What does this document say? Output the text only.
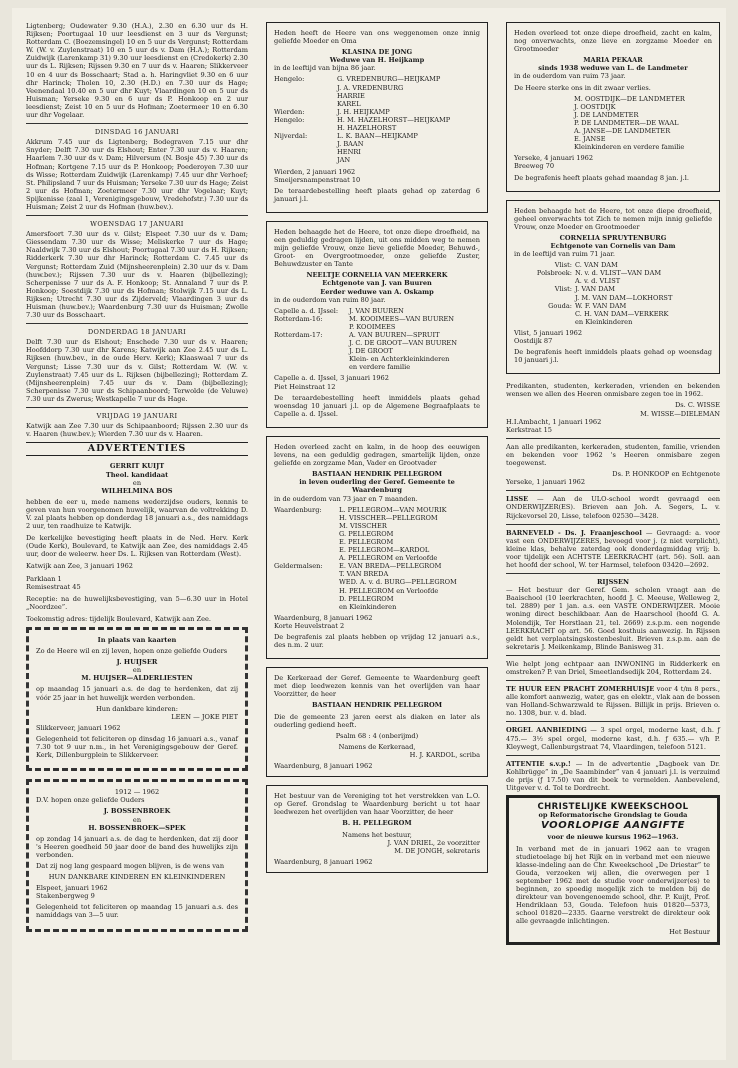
Ligtenberg; Oudewater 9.30 (H.A.), 2.30 en 6.30 uur ds H. Rijksen; Poortugaal 10 uur leesdienst en 3 uur ds Vergunst; Rotterdam C. (Boezemsingel) 10 en 5 uur ds Vergunst; Rotterdam W. (W. v. Zuylenstraat) 10 en 5 uur ds v. Dam (H.A.); Rotterdam Zuidwijk (Larenkamp 31) 9.30 uur leesdienst en (Credokerk) 2.30 uur ds L. Rijksen; Rijssen 9.30 en 7 uur ds v. Haaren; Slikkerveer 10 en 4 uur ds Bosschaart; Stad a. h. Haringvliet 9.30 en 6 uur dhr Harinck; Tholen 10, 2.30 (H.D.) en 7.30 uur ds Hage; Veenendaal 10.40 en 5 uur dhr Kuyt; Vlaardingen 10 en 5 uur ds Huisman; Yerseke 9.30 en 6 uur ds P. Honkoop en 2 uur leesdienst; Zeist 10 en 5 uur ds Hofman; Zoetermeer 10 en 6.30 uur dhr Vogelaar.

DINSDAG 16 JANUARI

Akkrum 7.45 uur ds Ligtenberg; Bodegraven 7.15 uur dhr Snyder; Delft 7.30 uur ds Elshout; Enter 7.30 uur ds v. Haaren; Haarlem 7.30 uur ds v. Dam; Hilversum (N. Bosje 45) 7.30 uur ds Hofman; Kortgene 7.15 uur ds P. Honkoop; Poederoyen 7.30 uur ds Wisse; Rotterdam Zuidwijk (Larenkamp) 7.45 uur dhr Verhoef; St. Philipsland 7 uur ds Huisman; Yerseke 7.30 uur ds Hage; Zeist 2 uur ds Hofman; Zoetermeer 7.30 uur dhr Vogelaar; Kuyt; Spijkenisse (zaal 1, Verenigingsgebouw, Vredehofstr.) 7.30 uur ds Huisman; Zeist 2 uur ds Hofman (huw.bev.).

WOENSDAG 17 JANUARI

Amersfoort 7.30 uur ds v. Gilst; Elspeet 7.30 uur ds v. Dam; Giessendam 7.30 uur ds Wisse; Meliskerke 7 uur ds Hage; Naaldwijk 7.30 uur ds Elshout; Poortugaal 7.30 uur ds H. Rijksen; Ridderkerk 7.30 uur dhr Harinck; Rotterdam C. 7.45 uur ds Vergunst; Rotterdam Zuid (Mijnsheerenplein) 2.30 uur ds v. Dam (huw.bev.); Rijssen 7.30 uur ds v. Haaren (bijbellezing); Scherpenisse 7 uur ds A. F. Honkoop; St. Annaland 7 uur ds P. Honkoop; Soestdijk 7.30 uur ds Hofman; Stolwijk 7.15 uur ds L. Rijksen; Utrecht 7.30 uur ds Zijderveld; Vlaardingen 3 uur ds Huisman (huw.bev.); Waardenburg 7.30 uur ds Huisman; Zwolle 7.30 uur ds Bosschaart.

DONDERDAG 18 JANUARI

Delft 7.30 uur ds Elshout; Enschede 7.30 uur ds v. Haaren; Hoofddorp 7.30 uur dhr Karens; Katwijk aan Zee 2.45 uur ds L. Rijksen (huw.bev., in de oude Herv. Kerk); Klaaswaal 7 uur ds Vergunst; Lisse 7.30 uur ds v. Gilst; Rotterdam W. (W. v. Zuylenstraat) 7.45 uur ds L. Rijksen (bijbellezing); Rotterdam Z. (Mijnsheerenplein) 7.45 uur ds v. Dam (bijbellezing); Scherpenisse 7.30 uur ds Schipaanboord; Terwolde (de Veluwe) 7.30 uur ds Zwerus; Westkapelle 7 uur ds Hage.

VRIJDAG 19 JANUARI

Katwijk aan Zee 7.30 uur ds Schipaanboord; Rijssen 2.30 uur ds v. Haaren (huw.bev.); Wierden 7.30 uur ds v. Haaren.

ADVERTENTIES
GERRIT KUIJT
Theol. kandidaat
en
WILHELMINA BOS

hebben de eer u, mede namens wederzijdse ouders, kennis te geven van hun voorgenomen huwelijk, waarvan de voltrekking D. V. zal plaats hebben op donderdag 18 januari a.s., des namiddags 2 uur, ten raadhuize te Katwijk.

De kerkelijke bevestiging heeft plaats in de Ned. Herv. Kerk (Oude Kerk), Boulevard, te Katwijk aan Zee, des namiddags 2.45 uur, door de weleerw. heer Ds. L. Rijksen van Rotterdam (West).

Katwijk aan Zee, 3 januari 1962

Parklaan 1

Remisestraat 45

Receptie: na de huwelijksbevestiging, van 5—6.30 uur in Hotel „Noordzee”.

Toekomstig adres: tijdelijk Boulevard, Katwijk aan Zee.

In plaats van kaarten

Zo de Heere wil en zij leven, hopen onze geliefde Ouders

J. HUIJSER
en
M. HUIJSER—ALDERLIESTEN

op maandag 15 januari a.s. de dag te herdenken, dat zij vóór 25 jaar in het huwelijk werden verbonden.

Hun dankbare kinderen:
LEEN — JOKE PIET

Slikkerveer, januari 1962

Gelegenheid tot feliciteren op dinsdag 16 januari a.s., vanaf 7.30 tot 9 uur n.m., in het Verenigingsgebouw der Geref. Kerk, Dillenburgplein te Slikkerveer.

1912 — 1962

D.V. hopen onze geliefde Ouders

J. BOSSENBROEK
en
H. BOSSENBROEK—SPEK

op zondag 14 januari a.s. de dag te herdenken, dat zij door 's Heeren goedheid 50 jaar door de band des huwelijks zijn verbonden.

Dat zij nog lang gespaard mogen blijven, is de wens van

HUN DANKBARE KINDEREN EN KLEINKINDEREN

Elspeet, januari 1962

Stakenbergweg 9

Gelegenheid tot feliciteren op maandag 15 januari a.s. des namiddags van 3—5 uur.

Heden heeft de Heere van ons weggenomen onze innig geliefde Moeder en Oma

KLASINA DE JONG
Weduwe van H. Heijkamp

in de leeftijd van bijna 86 jaar.

Hengelo:	G. VREDENBURG—HEIJKAMP
J. A. VREDENBURG
HARRIE
KAREL
Wierden:	J. H. HEIJKAMP
Hengelo:	H. M. HAZELHORST—HEIJKAMP
H. HAZELHORST
Nijverdal:	L. K. BAAN—HEIJKAMP
J. BAAN
HENRI
JAN
Wierden, 2 januari 1962

Smeijersnampenstraat 10

De teraardebestelling heeft plaats gehad op zaterdag 6 januari j.l.

Heden behaagde het de Heere, tot onze diepe droefheid, na een geduldig gedragen lijden, uit ons midden weg te nemen mijn geliefde Vrouw, onze lieve geliefde Moeder, Behuwd-, Groot- en Overgrootmoeder, onze geliefde Zuster, Behuwdzuster en Tante

NEELTJE CORNELIA VAN MEERKERK
Echtgenote van J. van Buuren
Eerder weduwe van A. Oskamp

in de ouderdom van ruim 80 jaar.

Capelle a. d. IJssel:	J. VAN BUUREN
Rotterdam-16:	M. KOOIMEES—VAN BUUREN
P. KOOIMEES
Rotterdam-17:	A. VAN BUUREN—SPRUIT
J. C. DE GROOT—VAN BUUREN
J. DE GROOT
Klein- en Achterkleinkinderen
en verdere familie
Capelle a. d. IJssel, 3 januari 1962

Piet Heinstraat 12

De teraardebestelling heeft inmiddels plaats gehad woensdag 10 januari j.l. op de Algemene Begraafplaats te Capelle a. d. IJssel.

Heden overleed zacht en kalm, in de hoop des eeuwigen levens, na een geduldig gedragen, smartelijk lijden, onze geliefde en zorgzame Man, Vader en Grootvader

BASTIAAN HENDRIK PELLEGROM
in leven ouderling der Geref. Gemeente te Waardenburg

in de ouderdom van 73 jaar en 7 maanden.

Waardenburg:	L. PELLEGROM—VAN MOURIK
H. VISSCHER—PELLEGROM
M. VISSCHER
G. PELLEGROM
E. PELLEGROM
E. PELLEGROM—KARDOL
A. PELLEGROM en Verloofde
Geldermalsen:	E. VAN BREDA—PELLEGROM
T. VAN BREDA
WED. A. v. d. BURG—PELLEGROM
H. PELLEGROM en Verloofde
D. PELLEGROM
en Kleinkinderen
Waardenburg, 8 januari 1962

Korte Heuvelstraat 2

De begrafenis zal plaats hebben op vrijdag 12 januari a.s., des n.m. 2 uur.

De Kerkeraad der Geref. Gemeente te Waardenburg geeft met diep leedwezen kennis van het overlijden van haar Voorzitter, de heer

BASTIAAN HENDRIK PELLEGROM

Die de gemeente 23 jaren eerst als diaken en later als ouderling gediend heeft.

Psalm 68 : 4 (onberijmd)

Namens de Kerkeraad,

H. J. KARDOL, scriba

Waardenburg, 8 januari 1962

Het bestuur van de Vereniging tot het verstrekken van L.O. op Geref. Grondslag te Waardenburg bericht u tot haar leedwezen het overlijden van haar Voorzitter, de heer

B. H. PELLEGROM
Namens het bestuur,
J. VAN DRIEL, 2e voorzitter

M. DE JONGH, sekretaris

Waardenburg, 8 januari 1962

Heden overleed tot onze diepe droefheid, zacht en kalm, nog onverwachts, onze lieve en zorgzame Moeder en Grootmoeder

MARIA PEKAAR
sinds 1938 weduwe van L. de Landmeter

in de ouderdom van ruim 73 jaar.

De Heere sterke ons in dit zwaar verlies.

M. OOSTDIJK—DE LANDMETER
J. OOSTDIJK
J. DE LANDMETER
P. DE LANDMETER—DE WAAL
A. JANSE—DE LANDMETER
E. JANSE
Kleinkinderen en verdere familie
Yerseke, 4 januari 1962

Breeweg 70

De begrafenis heeft plaats gehad maandag 8 jan. j.l.

Heden behaagde het de Heere, tot onze diepe droefheid, geheel onverwachts tot Zich te nemen mijn innig geliefde Vrouw, onze Moeder en Grootmoeder

CORNELIA SPRUYTENBURG
Echtgenote van Cornelis van Dam

in de leeftijd van ruim 71 jaar.

Vlist: C. VAN DAM
Polsbroek: N. v. d. VLIST—VAN DAM
A. v. d. VLIST
Vlist: J. VAN DAM
J. M. VAN DAM—LOKHORST
Gouda: W. F. VAN DAM
C. H. VAN DAM—VERKERK
en Kleinkinderen
Vlist, 5 januari 1962

Oostdijk 87

De begrafenis heeft inmiddels plaats gehad op woensdag 10 januari j.l.

Predikanten, studenten, kerkeraden, vrienden en bekenden wensen we allen des Heeren onmisbare zegen toe in 1962.

Ds. C. WISSE
M. WISSE—DIELEMAN
H.I.Ambacht, 1 januari 1962

Kerkstraat 15

Aan alle predikanten, kerkeraden, studenten, familie, vrienden en bekenden voor 1962 's Heeren onmisbare zegen toegewenst.

Ds. P. HONKOOP en Echtgenote

Yerseke, 1 januari 1962

LISSE — Aan de ULO-school wordt gevraagd een ONDERWIJZER(ES). Brieven aan Joh. A. Segers, L. v. Rijckevorsel 20, Lisse, telefoon 02530—3428.

BARNEVELD - Ds. J. Fraanjeschool — Gevraagd: a. voor vast een ONDERWIJZERES, bevoegd voor j. (z niet verplicht), kleine klas, behalve zaterdag ook donderdagmiddag vrij; b. voor tijdelijk een ACHTSTE LEERKRACHT (art. 56). Soll. aan het hoofd der school, W. ter Harmsel, telefoon 03420—2692.

RIJSSEN

— Het bestuur der Geref. Gem. scholen vraagt aan de Baaischool (10 leerkrachten, hoofd J. C. Meeuse, Welleweg 2, tel. 2889) per 1 jan. a.s. een VASTE ONDERWIJZER. Mooie woning direct beschikbaar. Aan de Haarschool (hoofd G. A. Molendijk, Ter Horstlaan 21, tel. 2669) z.s.p.m. een nogende LEERKRACHT op art. 56. Goed kosthuis aanwezig. In Rijssen geldt het verplaatsingskostenbesluit. Brieven z.s.p.m. aan de sekretaris J. Meikenkamp, Blinde Banisweg 31.

Wie helpt jong echtpaar aan INWONING in Ridderkerk en omstreken? P. van Driel, Smeetlandsedijk 204, Rotterdam 24.

TE HUUR EEN PRACHT ZOMERHUISJE voor 4 t/m 8 pers., alle komfort aanwezig, water, gas en elektr., vlak aan de bossen van Holland-Schwarzwald te Rijssen. Billijk in prijs. Brieven o. no. 1308, bur. v. d. blad.

ORGEL AANBIEDING — 3 spel orgel, moderne kast, d.h. ƒ 475.— 3½ spel orgel, moderne kast, d.h. ƒ 635.— v/h P. Kleywegt, Callenburgstraat 74, Vlaardingen, telefoon 5121.

ATTENTIE s.v.p.! — In de advertentie „Dagboek van Dr. Kohlbrügge” in „De Saambinder” van 4 januari j.l. is verzuimd de prijs (ƒ 17.50) van dit boek te vermelden. Aanbevelend, Uitgever v. d. Tol te Dordrecht.

CHRISTELIJKE KWEEKSCHOOL
op Reformatorische Grondslag te Gouda
VOORLOPIGE AANGIFTE
voor de nieuwe kursus 1962—1963.

In verband met de in januari 1962 aan te vragen studietoelage bij het Rijk en in verband met een nieuwe klasse-indeling aan de Chr. Kweekschool „De Driestar” te Gouda, verzoeken wij allen, die overwegen per 1 september 1962 met de studie voor onderwijzer(es) te beginnen, zo spoedig mogelijk zich te melden bij de direkteur van bovengenoemde school, dhr. P. Kuijt, Prof. Hendriklaan 53, Gouda. Telefoon huis 01820—5373, school 01820—2335. Gaarne verstrekt de direkteur ook alle gevraagde inlichtingen.

Het Bestuur
